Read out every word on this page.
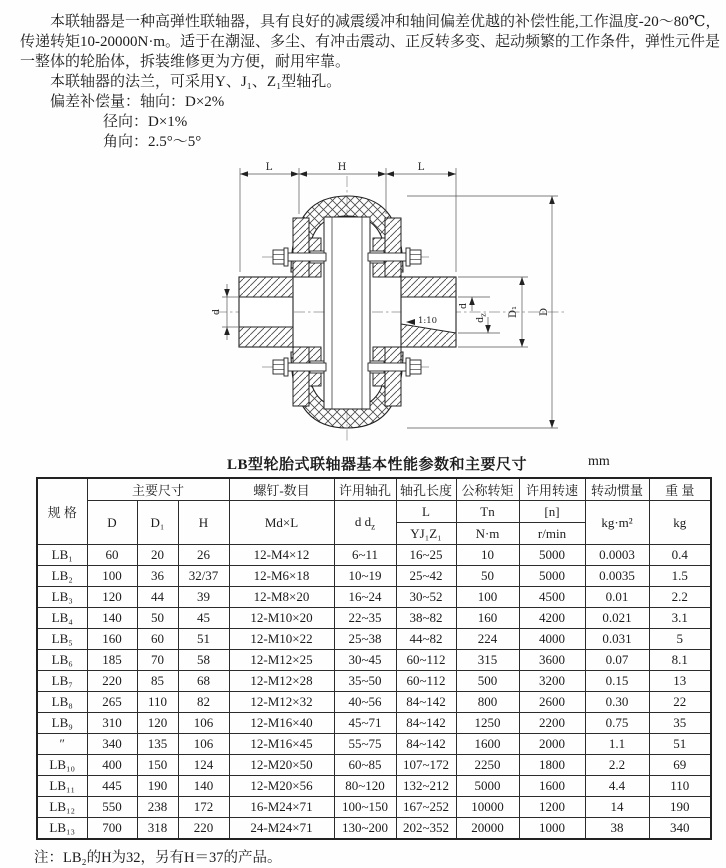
本联轴器是一种高弹性联轴器，具有良好的减震缓冲和轴间偏差优越的补偿性能,工作温度-20～80℃，
传递转矩10-20000N·m。适于在潮湿、多尘、有冲击震动、正反转多变、起动频繁的工作条件，弹性元件是
一整体的轮胎体，拆装维修更为方便，耐用牢靠。
本联轴器的法兰，可采用Y、J₁、Z₁型轴孔。
偏差补偿量：轴向：D×2%
径向：D×1%
角向：2.5°～5°
1:10
L	H	L
D
D₁
d
$d_z$
d
LB型轮胎式联轴器基本性能参数和主要尺寸	mm
规 格	主要尺寸			螺钉-数目	许用轴孔	轴孔长度	公称转矩	许用转速	转动惯量	重 量
	D	D₁	H	Md×L	d $d_z$	L	Tn	[n]	kg·m²	kg
						YJ₁Z₁	N·m	r/min		
LB₁	60	20	26	12-M4×12	6~11	16~25	10	5000	0.0003	0.4
LB₂	100	36	32/37	12-M6×18	10~19	25~42	50	5000	0.0035	1.5
LB₃	120	44	39	12-M8×20	16~24	30~52	100	4500	0.01	2.2
LB₄	140	50	45	12-M10×20	22~35	38~82	160	4200	0.021	3.1
LB₅	160	60	51	12-M10×22	25~38	44~82	224	4000	0.031	5
LB₆	185	70	58	12-M12×25	30~45	60~112	315	3600	0.07	8.1
LB₇	220	85	68	12-M12×28	35~50	60~112	500	3200	0.15	13
LB₈	265	110	82	12-M12×32	40~56	84~142	800	2600	0.30	22
LB₉	310	120	106	12-M16×40	45~71	84~142	1250	2200	0.75	35
″	340	135	106	12-M16×45	55~75	84~142	1600	2000	1.1	51
LB₁₀	400	150	124	12-M20×50	60~85	107~172	2250	1800	2.2	69
LB₁₁	445	190	140	12-M20×56	80~120	132~212	5000	1600	4.4	110
LB₁₂	550	238	172	16-M24×71	100~150	167~252	10000	1200	14	190
LB₁₃	700	318	220	24-M24×71	130~200	202~352	20000	1000	38	340
注：LB₂的H为32，另有H＝37的产品。
